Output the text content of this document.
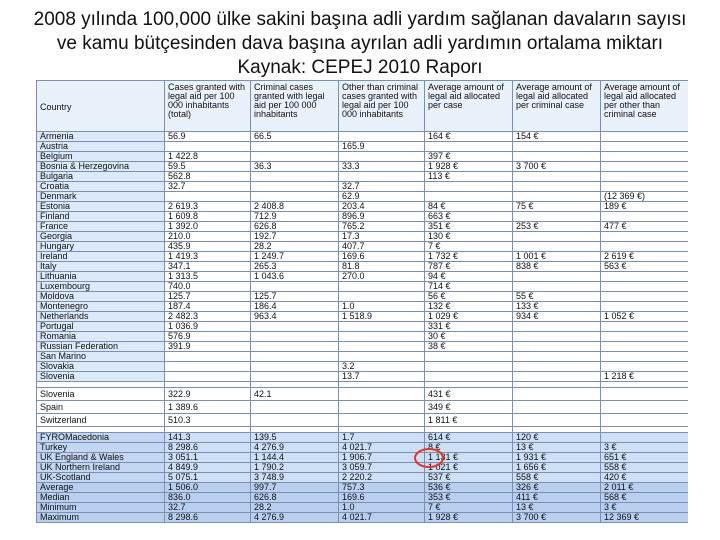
2008 yılında 100,000 ülke sakini başına adli yardım sağlanan davaların sayısı
ve kamu bütçesinden dava başına ayrılan adli yardımın ortalama miktarı
Kaynak: CEPEJ 2010 Raporı
Country	Cases granted with legal aid per 100 000 inhabitants (total)	Criminal cases granted with legal aid per 100 000 inhabitants	Other than criminal cases granted with legal aid per 100 000 inhabitants	Average amount of legal aid allocated per case	Average amount of legal aid allocated per criminal case	Average amount of legal aid allocated per other than criminal case
Armenia	56.9	66.5		164 €	154 €	
Austria			165.9			
Belgium	1 422.8			397 €		
Bosnia & Herzegovina	59.5	36.3	33.3	1 928 €	3 700 €	
Bulgaria	562.8			113 €		
Croatia	32.7		32.7			
Denmark			62.9			(12 369 €)
Estonia	2 619.3	2 408.8	203.4	84 €	75 €	189 €
Finland	1 609.8	712.9	896.9	663 €		
France	1 392.0	626.8	765.2	351 €	253 €	477 €
Georgia	210.0	192.7	17.3	130 €		
Hungary	435.9	28.2	407.7	7 €		
Ireland	1 419.3	1 249.7	169.6	1 732 €	1 001 €	2 619 €
Italy	347.1	265.3	81.8	787 €	838 €	563 €
Lithuania	1 313.5	1 043.6	270.0	94 €		
Luxembourg	740.0			714 €		
Moldova	125.7	125.7		56 €	55 €	
Montenegro	187.4	186.4	1.0	132 €	133 €	
Netherlands	2 482.3	963.4	1 518.9	1 029 €	934 €	1 052 €
Portugal	1 036.9			331 €		
Romania	576.9			30 €		
Russian Federation	391.9			38 €		
San Marino						
Slovakia			3.2			
Slovenia			13.7			1 218 €

Slovenia	322.9	42.1		431 €		
Spain	1 389.6			349 €		
Switzerland	510.3			1 811 €		

FYROMacedonia	141.3	139.5	1.7	614 €	120 €	
Turkey	8 298.6	4 276.9	4 021.7	8 €	13 €	3 €
UK England & Wales	3 051.1	1 144.4	1 906.7	1 131 €	1 931 €	651 €
UK Northern Ireland	4 849.9	1 790.2	3 059.7	1 021 €	1 656 €	558 €
UK-Scotland	5 075.1	3 748.9	2 220.2	537 €	558 €	420 €
Average	1 506.0	997.7	757.3	536 €	326 €	2 011 €
Median	836.0	626.8	169.6	353 €	411 €	568 €
Minimum	32.7	28.2	1.0	7 €	13 €	3 €
Maximum	8 298.6	4 276.9	4 021.7	1 928 €	3 700 €	12 369 €
